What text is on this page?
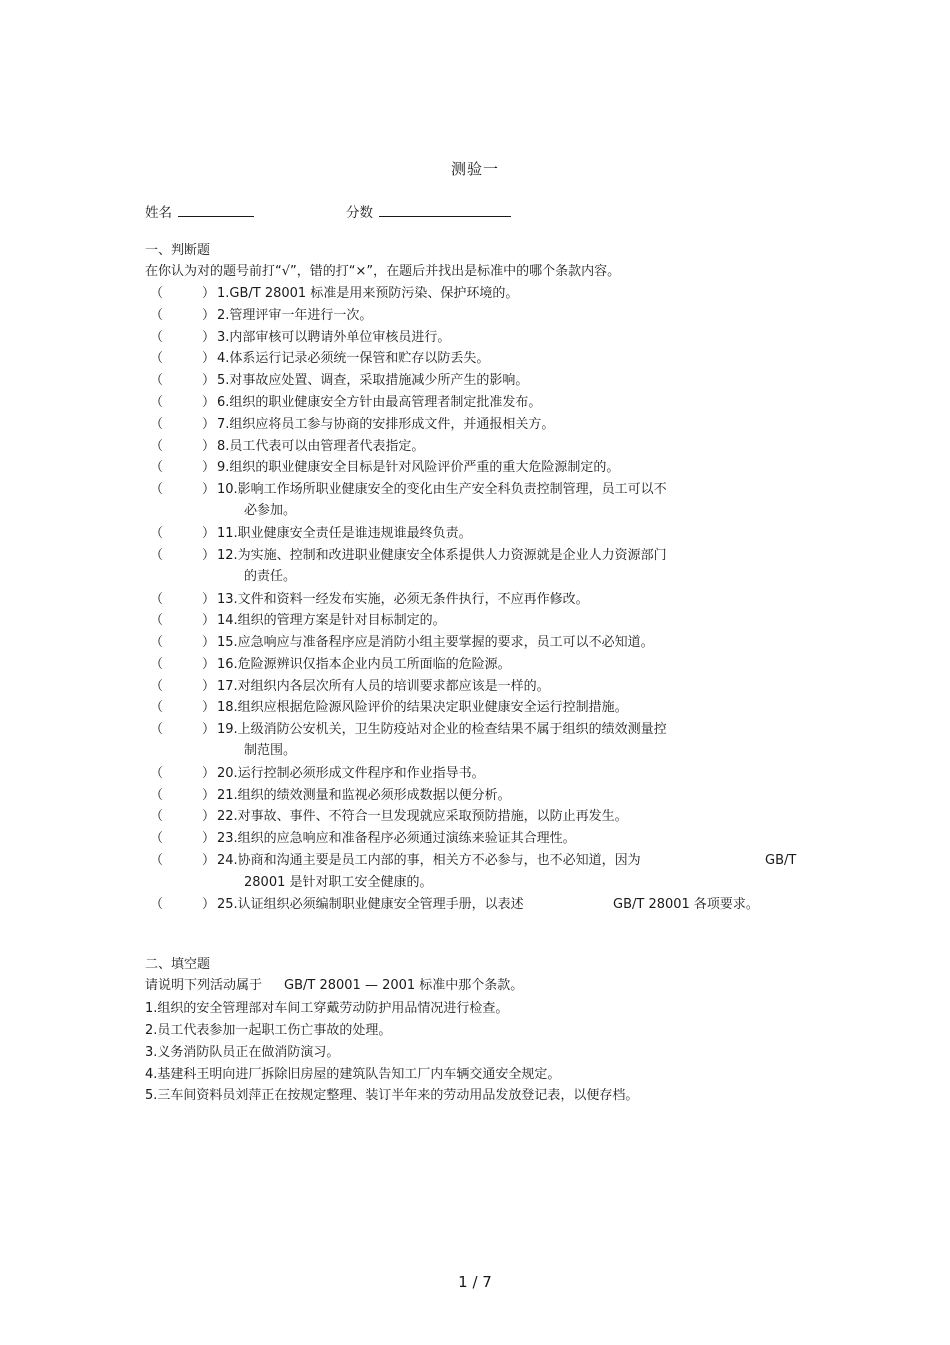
测验一
姓名	分数
一、判断题
在你认为对的题号前打“√”，错的打“×”，在题后并找出是标准中的哪个条款内容。
（	） 1.GB/T 28001 标准是用来预防污染、保护环境的。
（	） 2.管理评审一年进行一次。
（	） 3.内部审核可以聘请外单位审核员进行。
（	） 4.体系运行记录必须统一保管和贮存以防丢失。
（	） 5.对事故应处置、调查，采取措施减少所产生的影响。
（	） 6.组织的职业健康安全方针由最高管理者制定批准发布。
（	） 7.组织应将员工参与协商的安排形成文件，并通报相关方。
（	） 8.员工代表可以由管理者代表指定。
（	） 9.组织的职业健康安全目标是针对风险评价严重的重大危险源制定的。
（	） 10.影响工作场所职业健康安全的变化由生产安全科负责控制管理，员工可以不
必参加。
（	） 11.职业健康安全责任是谁违规谁最终负责。
（	） 12.为实施、控制和改进职业健康安全体系提供人力资源就是企业人力资源部门
的责任。
（	） 13.文件和资料一经发布实施，必须无条件执行，不应再作修改。
（	） 14.组织的管理方案是针对目标制定的。
（	） 15.应急响应与准备程序应是消防小组主要掌握的要求，员工可以不必知道。
（	） 16.危险源辨识仅指本企业内员工所面临的危险源。
（	） 17.对组织内各层次所有人员的培训要求都应该是一样的。
（	） 18.组织应根据危险源风险评价的结果决定职业健康安全运行控制措施。
（	） 19.上级消防公安机关，卫生防疫站对企业的检查结果不属于组织的绩效测量控
制范围。
（	） 20.运行控制必须形成文件程序和作业指导书。
（	） 21.组织的绩效测量和监视必须形成数据以便分析。
（	） 22.对事故、事件、不符合一旦发现就应采取预防措施，以防止再发生。
（	） 23.组织的应急响应和准备程序必须通过演练来验证其合理性。
（	） 24.协商和沟通主要是员工内部的事，相关方不必参与，也不必知道，因为	GB/T
28001 是针对职工安全健康的。
（	） 25.认证组织必须编制职业健康安全管理手册，以表述	GB/T 28001 各项要求。
二、填空题
请说明下列活动属于 GB/T 28001 — 2001 标准中那个条款。
1.组织的安全管理部对车间工穿戴劳动防护用品情况进行检查。
2.员工代表参加一起职工伤亡事故的处理。
3.义务消防队员正在做消防演习。
4.基建科王明向进厂拆除旧房屋的建筑队告知工厂内车辆交通安全规定。
5.三车间资料员刘萍正在按规定整理、装订半年来的劳动用品发放登记表，以便存档。
1 / 7
